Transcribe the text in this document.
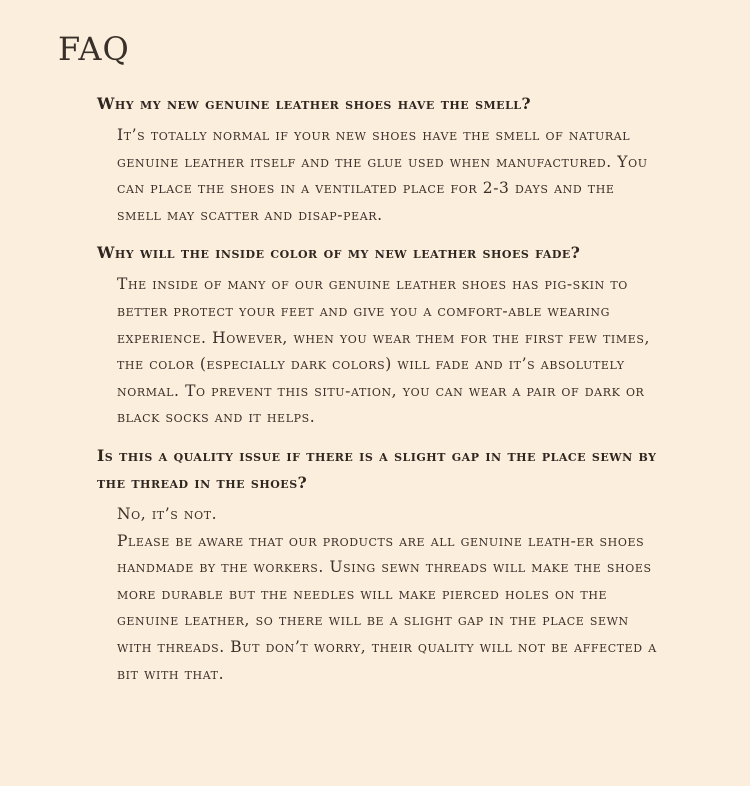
FAQ
Why my new genuine leather shoes have the smell?

It’s totally normal if your new shoes have the smell of natural genuine leather itself and the glue used when manufactured. You can place the shoes in a ventilated place for 2-3 days and the smell may scatter and disap-pear.

Why will the inside color of my new leather shoes fade?

The inside of many of our genuine leather shoes has pig-skin to better protect your feet and give you a comfort-able wearing experience. However, when you wear them for the first few times, the color (especially dark colors) will fade and it’s absolutely normal. To prevent this situ-ation, you can wear a pair of dark or black socks and it helps.

Is this a quality issue if there is a slight gap in the place sewn by the thread in the shoes?

No, it’s not.

Please be aware that our products are all genuine leath-er shoes handmade by the workers. Using sewn threads will make the shoes more durable but the needles will make pierced holes on the genuine leather, so there will be a slight gap in the place sewn with threads. But don’t worry, their quality will not be affected a bit with that.
